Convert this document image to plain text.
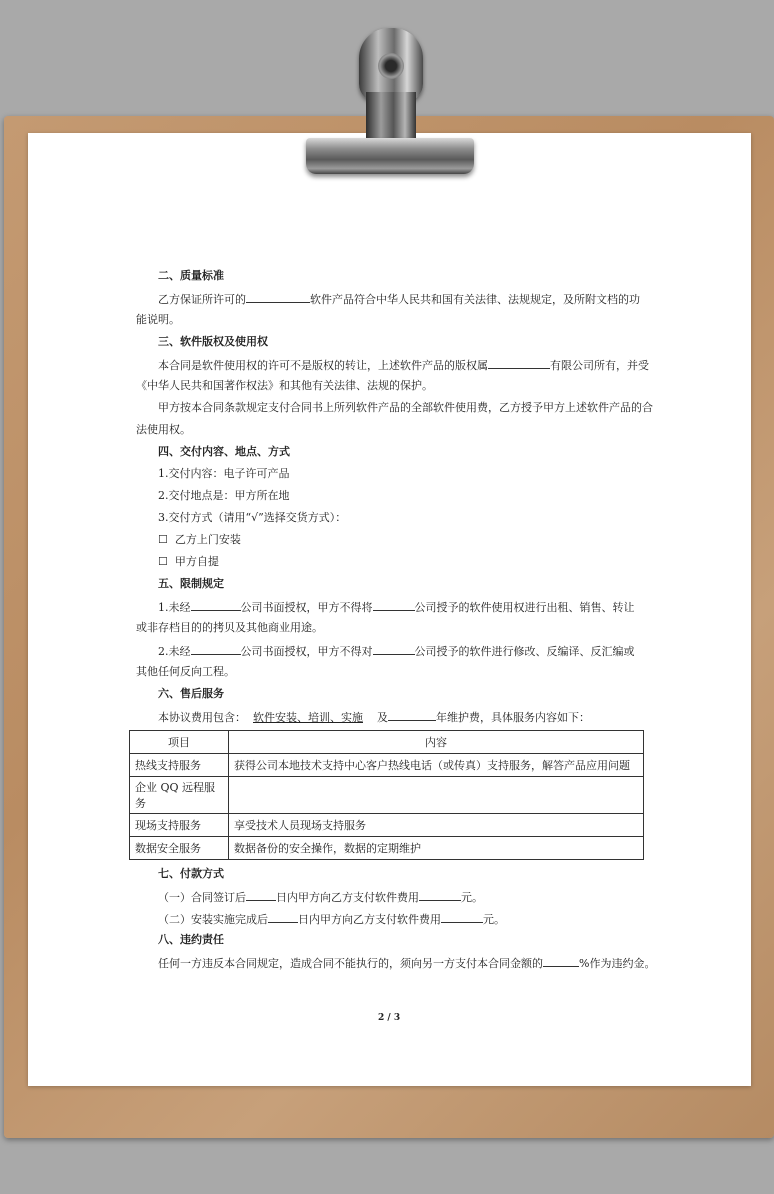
二、质量标准
乙方保证所许可的	软件产品符合中华人民共和国有关法律、法规规定，及所附文档的功
能说明。
三、软件版权及使用权
本合同是软件使用权的许可不是版权的转让，上述软件产品的版权属	有限公司所有，并受
《中华人民共和国著作权法》和其他有关法律、法规的保护。
甲方按本合同条款规定支付合同书上所列软件产品的全部软件使用费，乙方授予甲方上述软件产品的合
法使用权。
四、交付内容、地点、方式
1.交付内容：电子许可产品
2.交付地点是：甲方所在地
3.交付方式（请用“√”选择交货方式）：
☐ 乙方上门安装
☐ 甲方自提
五、限制规定
1.未经	公司书面授权，甲方不得将	公司授予的软件使用权进行出租、销售、转让
或非存档目的的拷贝及其他商业用途。
2.未经	公司书面授权，甲方不得对	公司授予的软件进行修改、反编译、反汇编或
其他任何反向工程。
六、售后服务
本协议费用包含： 软件安装、培训、实施 及	年维护费，具体服务内容如下：
项目	内容
热线支持服务	获得公司本地技术支持中心客户热线电话（或传真）支持服务，解答产品应用问题
企业 QQ 远程服务	
现场支持服务	享受技术人员现场支持服务
数据安全服务	数据备份的安全操作，数据的定期维护
七、付款方式
（一）合同签订后	日内甲方向乙方支付软件费用	元。
（二）安装实施完成后	日内甲方向乙方支付软件费用	元。
八、违约责任
任何一方违反本合同规定，造成合同不能执行的，须向另一方支付本合同金额的	%作为违约金。
2 / 3
